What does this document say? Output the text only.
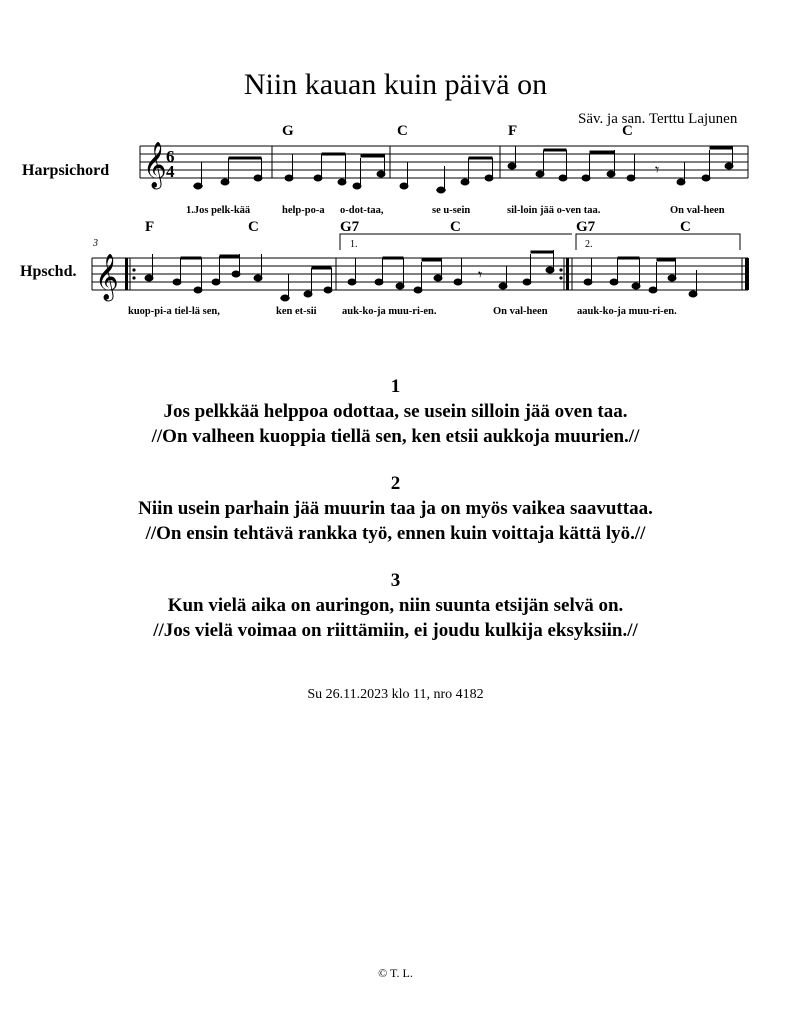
Niin kauan kuin päivä on
Säv. ja san. Terttu Lajunen
Harpsichord
G	C	F	C
1.Jos pelk-kää	help-po-a o-dot-taa,	se u-sein	sil-loin jää o-ven taa.	On val-heen
Hpschd.
3
F	C	G7	C	G7	C
1.	2.
kuop-pi-a tiel-lä sen,	ken et-sii auk-ko-ja muu-ri-en.	On val-heen	aauk-ko-ja muu-ri-en.
𝄞 6
4
𝄞
𝄾
𝄾
1
Jos pelkkää helppoa odottaa, se usein silloin jää oven taa.
//On valheen kuoppia tiellä sen, ken etsii aukkoja muurien.//
2
Niin usein parhain jää muurin taa ja on myös vaikea saavuttaa.
//On ensin tehtävä rankka työ, ennen kuin voittaja kättä lyö.//
3
Kun vielä aika on auringon, niin suunta etsijän selvä on.
//Jos vielä voimaa on riittämiin, ei joudu kulkija eksyksiin.//
Su 26.11.2023 klo 11, nro 4182
© T. L.
